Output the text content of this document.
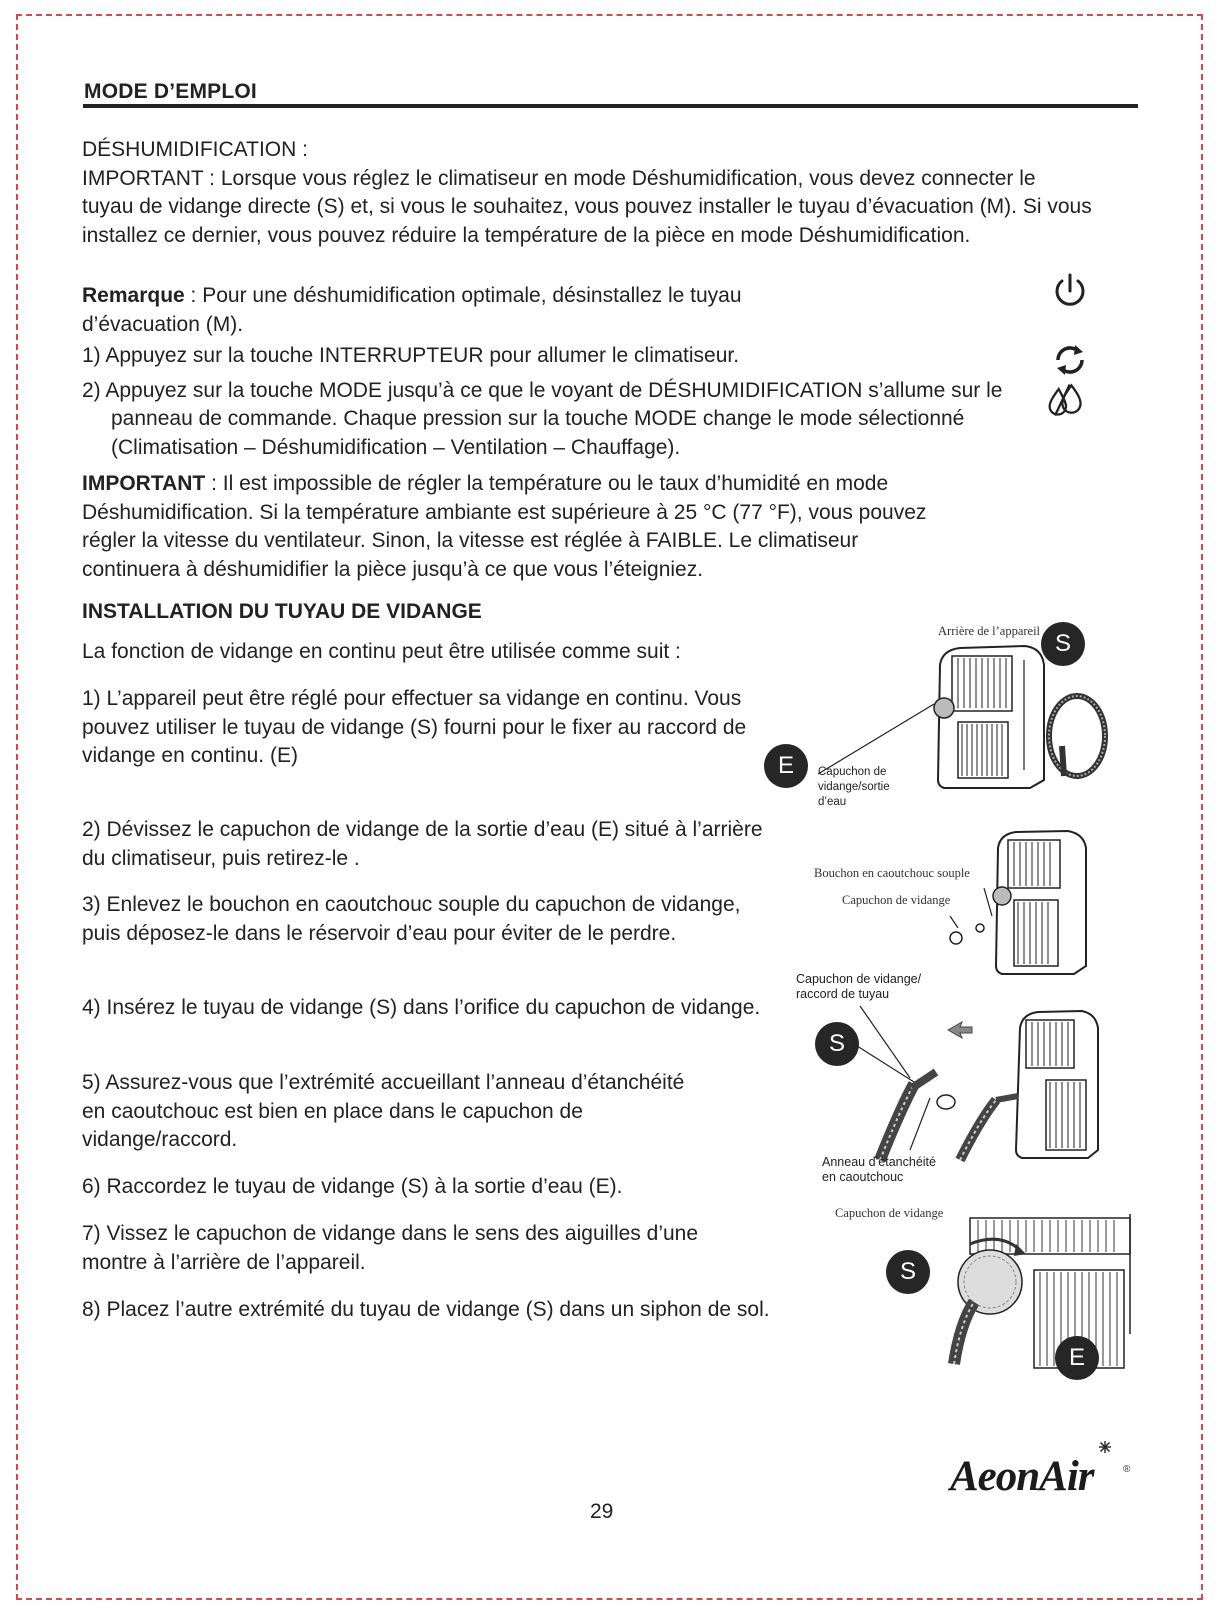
MODE D’EMPLOI
DÉSHUMIDIFICATION :
IMPORTANT : Lorsque vous réglez le climatiseur en mode Déshumidification, vous devez connecter le tuyau de vidange directe (S) et, si vous le souhaitez, vous pouvez installer le tuyau d’évacuation (M). Si vous installez ce dernier, vous pouvez réduire la température de la pièce en mode Déshumidification.
Remarque : Pour une déshumidification optimale, désinstallez le tuyau d’évacuation (M).
1) Appuyez sur la touche INTERRUPTEUR pour allumer le climatiseur.
2) Appuyez sur la touche MODE jusqu’à ce que le voyant de DÉSHUMIDIFICATION s’allume sur le panneau de commande. Chaque pression sur la touche MODE change le mode sélectionné (Climatisation – Déshumidification – Ventilation – Chauffage).
IMPORTANT : Il est impossible de régler la température ou le taux d’humidité en mode Déshumidification. Si la température ambiante est supérieure à 25 °C (77 °F), vous pouvez régler la vitesse du ventilateur. Sinon, la vitesse est réglée à FAIBLE. Le climatiseur continuera à déshumidifier la pièce jusqu’à ce que vous l’éteigniez.
INSTALLATION DU TUYAU DE VIDANGE
La fonction de vidange en continu peut être utilisée comme suit :
1) L’appareil peut être réglé pour effectuer sa vidange en continu. Vous pouvez utiliser le tuyau de vidange (S) fourni pour le fixer au raccord de vidange en continu. (E)
2) Dévissez le capuchon de vidange de la sortie d’eau (E) situé à l’arrière du climatiseur, puis retirez-le .
3) Enlevez le bouchon en caoutchouc souple du capuchon de vidange, puis déposez-le dans le réservoir d’eau pour éviter de le perdre.
4) Insérez le tuyau de vidange (S) dans l’orifice du capuchon de vidange.
5) Assurez-vous que l’extrémité accueillant l’anneau d’étanchéité en caoutchouc est bien en place dans le capuchon de vidange/raccord.
6) Raccordez le tuyau de vidange (S) à la sortie d’eau (E).
7) Vissez le capuchon de vidange dans le sens des aiguilles d’une montre à l’arrière de l’appareil.
8) Placez l’autre extrémité du tuyau de vidange (S) dans un siphon de sol.
Arrière de l’appareil S
E	Capuchon de
vidange/sortie
d’eau
Bouchon en caoutchouc souple
Capuchon de vidange
Capuchon de vidange/
raccord de tuyau
S
Anneau d’étanchéité
en caoutchouc
Capuchon de vidange
S
E
AeonAir	®
29
